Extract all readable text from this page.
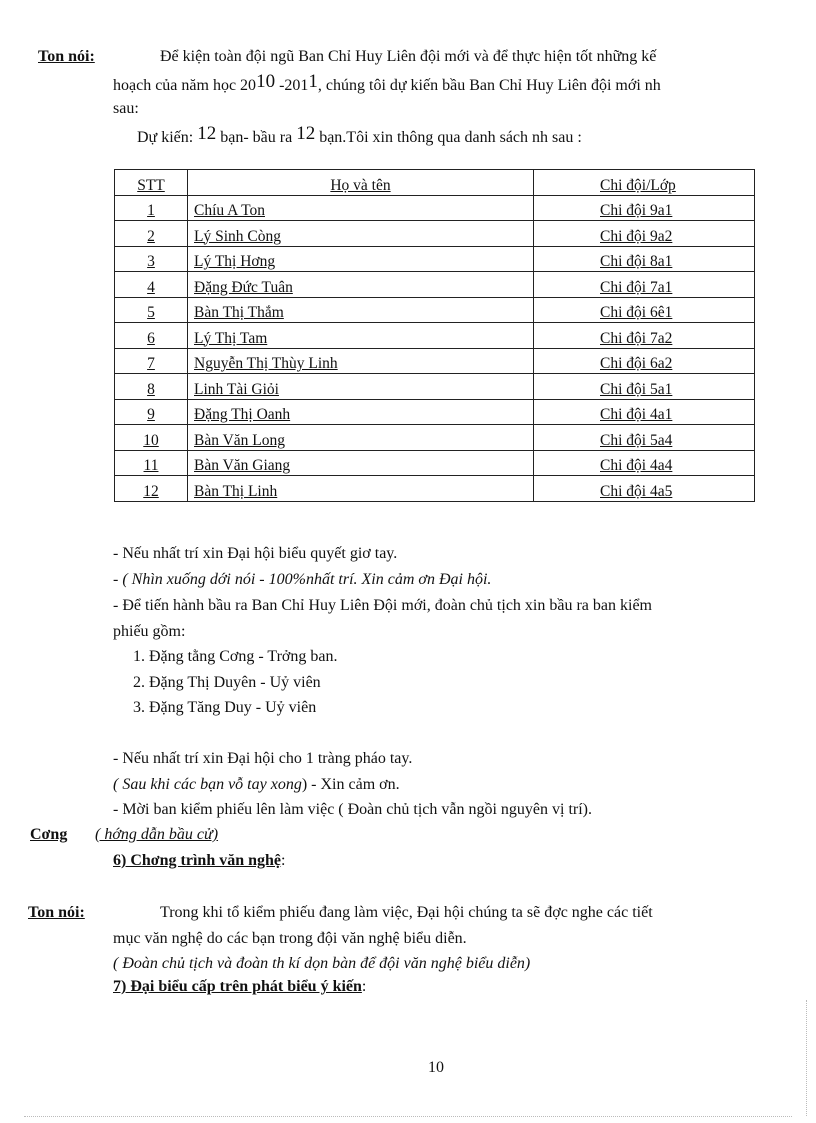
Ton nói:	Để kiện toàn đội ngũ Ban Chỉ Huy Liên đội mới và để thực hiện tốt những kế
hoạch của năm học 2010 -2011, chúng tôi dự kiến bầu Ban Chỉ Huy Liên đội mới nh
sau:
Dự kiến: 12 bạn- bầu ra 12 bạn.Tôi xin thông qua danh sách nh sau :
STT	Họ và tên	Chi đội/Lớp
1	Chíu A Ton	Chi đội 9a1
2	Lý Sinh Còng	Chi đội 9a2
3	Lý Thị Hơng	Chi đội 8a1
4	Đặng Đức Tuân	Chi đội 7a1
5	Bàn Thị Thắm	Chi đội 6ê1
6	Lý Thị Tam	Chi đội 7a2
7	Nguyễn Thị Thùy Linh	Chi đội 6a2
8	Linh Tài Giỏi	Chi đội 5a1
9	Đặng Thị Oanh	Chi đội 4a1
10	Bàn Văn Long	Chi đội 5a4
11	Bàn Văn Giang	Chi đội 4a4
12	Bàn Thị Linh	Chi đội 4a5
- Nếu nhất trí xin Đại hội biểu quyết giơ tay.
- ( Nhìn xuống dới nói - 100%nhất trí. Xin cảm ơn Đại hội.
- Để tiến hành bầu ra Ban Chỉ Huy Liên Đội mới, đoàn chủ tịch xin bầu ra ban kiểm
phiếu gồm:
1. Đặng tằng Cơng - Trởng ban.
2. Đặng Thị Duyên - Uỷ viên
3. Đặng Tăng Duy - Uỷ viên
- Nếu nhất trí xin Đại hội cho 1 tràng pháo tay.
( Sau khi các bạn vỗ tay xong) - Xin cảm ơn.
- Mời ban kiểm phiếu lên làm việc ( Đoàn chủ tịch vẫn ngồi nguyên vị trí).
Cơng	( hớng dẫn bầu cử)
6) Chơng trình văn nghệ:
Ton nói:	Trong khi tổ kiểm phiếu đang làm việc, Đại hội chúng ta sẽ đợc nghe các tiết
mục văn nghệ do các bạn trong đội văn nghệ biểu diễn.
( Đoàn chủ tịch và đoàn th kí dọn bàn để đội văn nghệ biểu diễn)
7) Đại biểu cấp trên phát biểu ý kiến:
10
